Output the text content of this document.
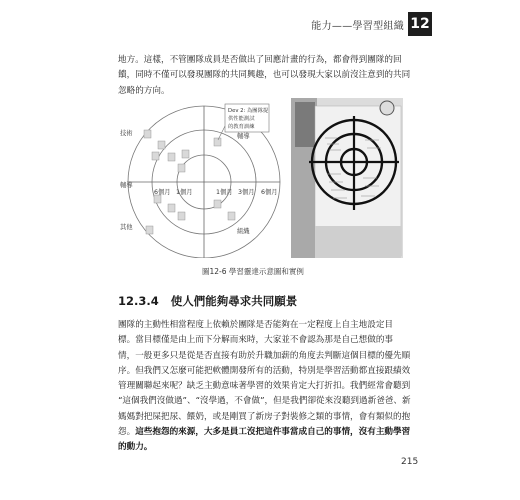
能力——學習型組織 12

地方。這樣，不管團隊成員是否做出了回應計畫的行為，都會得到團隊的回

饋，同時不僅可以發現團隊的共同興趣，也可以發現大家以前沒注意到的共同

忽略的方向。

Dev 2: 為團隊提
供性能測試
的教育訓練
技術	輔導
輔導
其他
組織
1個月 3個月 6個月
6個月 1個月
圖12-6 學習靈達示意圖和實例
12.3.4 使人們能夠尋求共同願景

團隊的主動性相當程度上依賴於團隊是否能夠在一定程度上自主地設定目

標。當目標僅是由上而下分解而來時，大家並不會認為那是自己想做的事

情，一般更多只是從是否直接有助於升職加薪的角度去判斷這個目標的優先順

序。但我們又怎麼可能把軟體開發所有的活動，特別是學習活動都直接跟績效

管理關聯起來呢？缺乏主動意味著學習的效果肯定大打折扣。我們經常會聽到

“這個我們沒做過”、“沒學過，不會做”，但是我們卻從來沒聽到過新爸爸、新

媽媽對把屎把尿、餵奶，或是剛買了新房子對裝修之類的事情，會有類似的抱

怨。這些抱怨的來源，大多是員工沒把這件事當成自己的事情，沒有主動學習

的動力。

215
